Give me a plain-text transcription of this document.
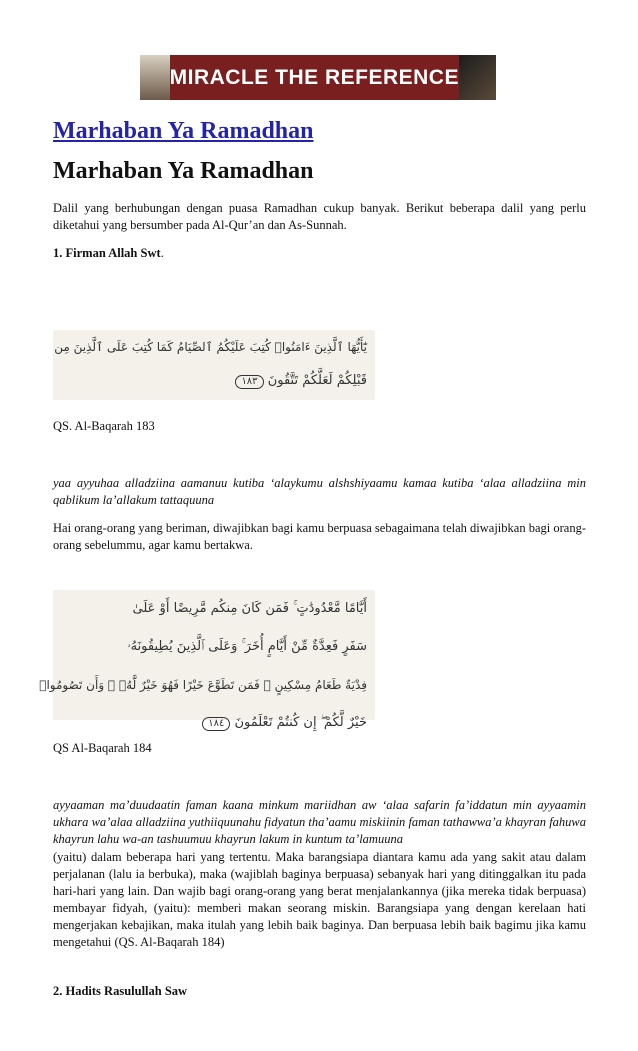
MIRACLE THE REFERENCE
Marhaban Ya Ramadhan
Marhaban Ya Ramadhan

Dalil yang berhubungan dengan puasa Ramadhan cukup banyak. Berikut beberapa dalil yang perlu diketahui yang bersumber pada Al-Qur’an dan As-Sunnah.

1. Firman Allah Swt.

يَٰٓأَيُّهَا ٱلَّذِينَ ءَامَنُوا۟ كُتِبَ عَلَيْكُمُ ٱلصِّيَامُ كَمَا كُتِبَ عَلَى ٱلَّذِينَ مِن
قَبْلِكُمْ لَعَلَّكُمْ تَتَّقُونَ ١٨٣

QS. Al-Baqarah 183

yaa ayyuhaa alladziina aamanuu kutiba ‘alaykumu alshshiyaamu kamaa kutiba ‘alaa alladziina min qablikum la’allakum tattaquuna

Hai orang-orang yang beriman, diwajibkan bagi kamu berpuasa sebagaimana telah diwajibkan bagi orang-orang sebelummu, agar kamu bertakwa.

أَيَّامًا مَّعْدُودَٰتٍ ۚ فَمَن كَانَ مِنكُم مَّرِيضًا أَوْ عَلَىٰ
سَفَرٍ فَعِدَّةٌ مِّنْ أَيَّامٍ أُخَرَ ۚ وَعَلَى ٱلَّذِينَ يُطِيقُونَهُۥ
فِدْيَةٌ طَعَامُ مِسْكِينٍ ۖ فَمَن تَطَوَّعَ خَيْرًا فَهُوَ خَيْرٌ لَّهُۥ ۚ وَأَن تَصُومُوا۟
خَيْرٌ لَّكُمْ ۖ إِن كُنتُمْ تَعْلَمُونَ ١٨٤

QS Al-Baqarah 184

ayyaaman ma’duudaatin faman kaana minkum mariidhan aw ‘alaa safarin fa’iddatun min ayyaamin ukhara wa’alaa alladziina yuthiiquunahu fidyatun tha’aamu miskiinin faman tathawwa’a khayran fahuwa khayrun lahu wa-an tashuumuu khayrun lakum in kuntum ta’lamuuna

(yaitu) dalam beberapa hari yang tertentu. Maka barangsiapa diantara kamu ada yang sakit atau dalam perjalanan (lalu ia berbuka), maka (wajiblah baginya berpuasa) sebanyak hari yang ditinggalkan itu pada hari-hari yang lain. Dan wajib bagi orang-orang yang berat menjalankannya (jika mereka tidak berpuasa) membayar fidyah, (yaitu): memberi makan seorang miskin. Barangsiapa yang dengan kerelaan hati mengerjakan kebajikan, maka itulah yang lebih baik baginya. Dan berpuasa lebih baik bagimu jika kamu mengetahui (QS. Al-Baqarah 184)

2. Hadits Rasulullah Saw
